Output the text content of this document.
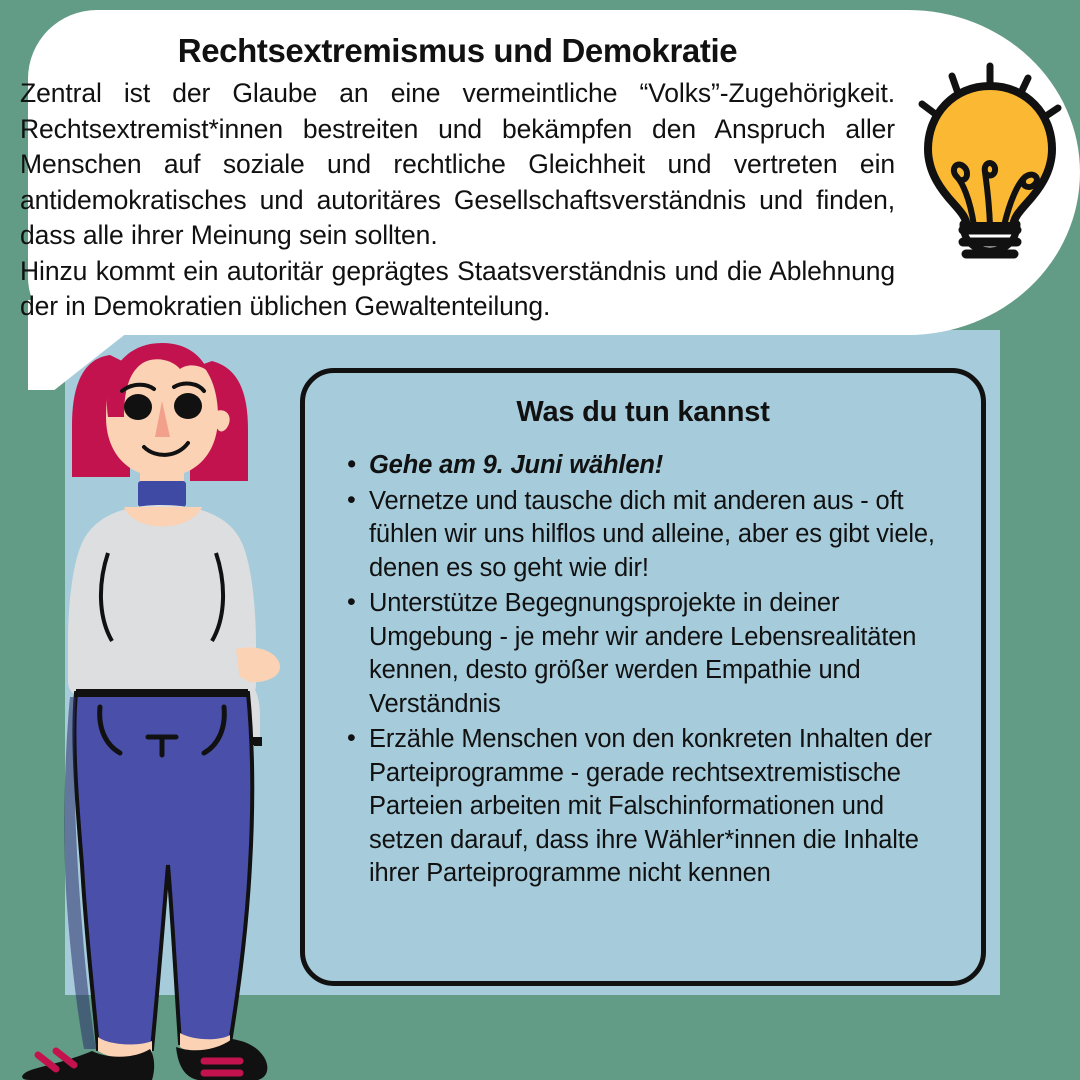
Rechtsextremismus und Demokratie

Zentral ist der Glaube an eine vermeintliche “Volks”-Zugehörigkeit. Rechtsextremist*innen bestreiten und bekämpfen den Anspruch aller Menschen auf soziale und rechtliche Gleichheit und vertreten ein antidemokratisches und autoritäres Gesellschaftsverständnis und finden, dass alle ihrer Meinung sein sollten.

Hinzu kommt ein autoritär geprägtes Staatsverständnis und die Ablehnung der in Demokratien üblichen Gewaltenteilung.

Was du tun kannst
• Gehe am 9. Juni wählen!
• Vernetze und tausche dich mit anderen aus - oft fühlen wir uns hilflos und alleine, aber es gibt viele, denen es so geht wie dir!
• Unterstütze Begegnungsprojekte in deiner Umgebung - je mehr wir andere Lebensrealitäten kennen, desto größer werden Empathie und Verständnis
• Erzähle Menschen von den konkreten Inhalten der Parteiprogramme - gerade rechtsextremistische Parteien arbeiten mit Falschinformationen und setzen darauf, dass ihre Wähler*innen die Inhalte ihrer Parteiprogramme nicht kennen
